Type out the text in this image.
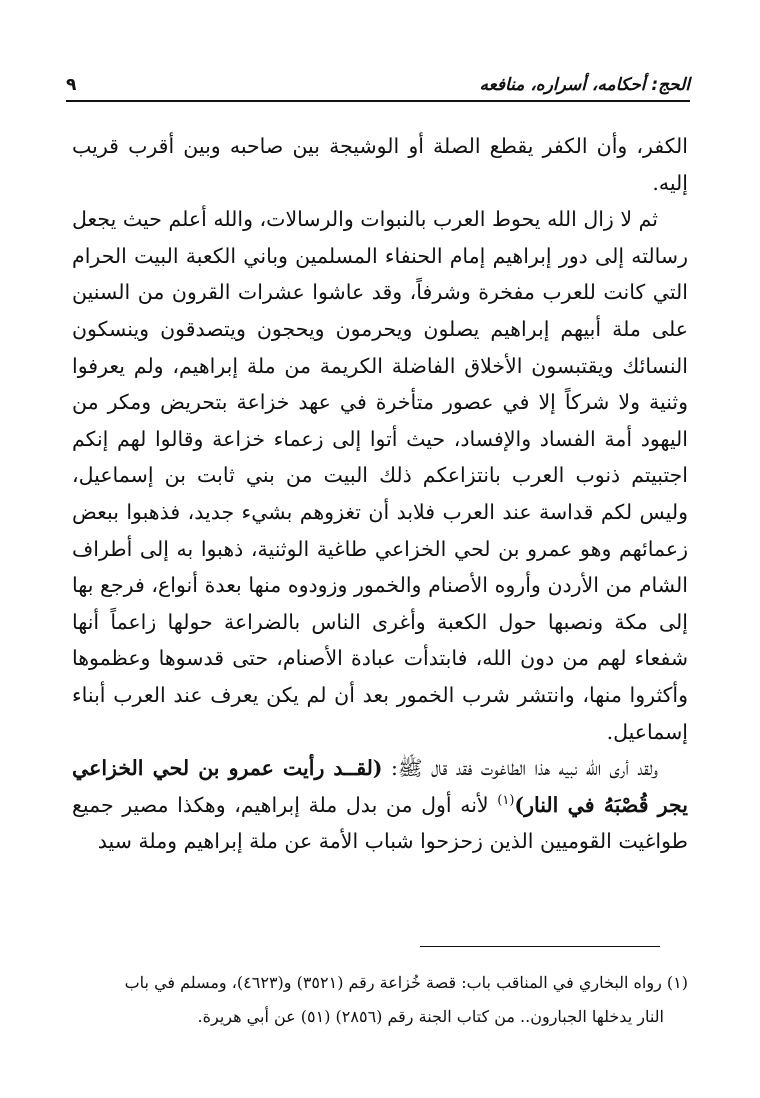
الحج: أحكامه، أسراره، منافعه
٩

الكفر، وأن الكفر يقطع الصلة أو الوشيجة بين صاحبه وبين أقرب قريب إليه.

ثم لا زال الله يحوط العرب بالنبوات والرسالات، والله أعلم حيث يجعل رسالته إلى دور إبراهيم إمام الحنفاء المسلمين وباني الكعبة البيت الحرام التي كانت للعرب مفخرة وشرفاً، وقد عاشوا عشرات القرون من السنين على ملة أبيهم إبراهيم يصلون ويحرمون ويحجون ويتصدقون وينسكون النسائك ويقتبسون الأخلاق الفاضلة الكريمة من ملة إبراهيم، ولم يعرفوا وثنية ولا شركاً إلا في عصور متأخرة في عهد خزاعة بتحريض ومكر من اليهود أمة الفساد والإفساد، حيث أتوا إلى زعماء خزاعة وقالوا لهم إنكم اجتبيتم ذنوب العرب بانتزاعكم ذلك البيت من بني ثابت بن إسماعيل، وليس لكم قداسة عند العرب فلابد أن تغزوهم بشيء جديد، فذهبوا ببعض زعمائهم وهو عمرو بن لحي الخزاعي طاغية الوثنية، ذهبوا به إلى أطراف الشام من الأردن وأروه الأصنام والخمور وزودوه منها بعدة أنواع، فرجع بها إلى مكة ونصبها حول الكعبة وأغرى الناس بالضراعة حولها زاعماً أنها شفعاء لهم من دون الله، فابتدأت عبادة الأصنام، حتى قدسوها وعظموها وأكثروا منها، وانتشر شرب الخمور بعد أن لم يكن يعرف عند العرب أبناء إسماعيل.

ولقد أرى الله نبيه هذا الطاغوت فقد قال ﷺ: (لقــد رأيت عمرو بن لحي الخزاعي يجر قُصْبَهُ في النار)$^{(١)}$ لأنه أول من بدل ملة إبراهيم، وهكذا مصير جميع طواغيت القوميين الذين زحزحوا شباب الأمة عن ملة إبراهيم وملة سيد

(١) رواه البخاري في المناقب باب: قصة خُزاعة رقم (٣٥٢١) و(٤٦٢٣)، ومسلم في باب
النار يدخلها الجبارون.. من كتاب الجنة رقم (٢٨٥٦) (٥١) عن أبي هريرة.
